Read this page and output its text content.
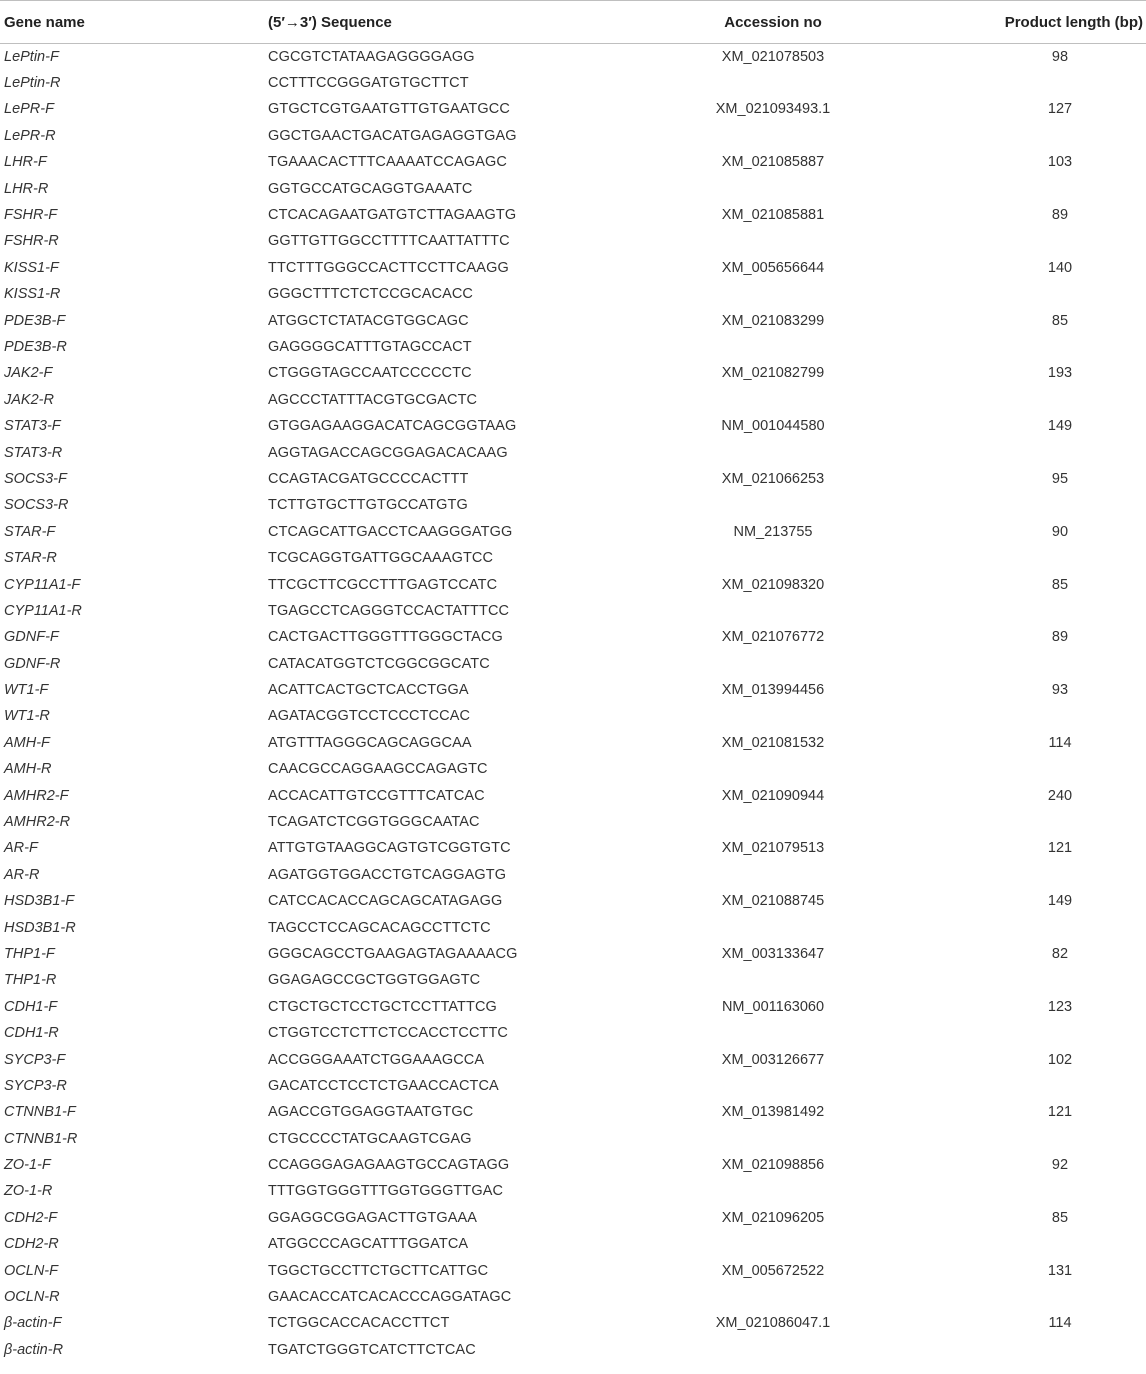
Gene name	(5′→3′) Sequence	Accession no	Product length (bp)
LePtin-F	CGCGTCTATAAGAGGGGAGG	XM_021078503	98
LePtin-R	CCTTTCCGGGATGTGCTTCT		
LePR-F	GTGCTCGTGAATGTTGTGAATGCC	XM_021093493.1	127
LePR-R	GGCTGAACTGACATGAGAGGTGAG		
LHR-F	TGAAACACTTTCAAAATCCAGAGC	XM_021085887	103
LHR-R	GGTGCCATGCAGGTGAAATC		
FSHR-F	CTCACAGAATGATGTCTTAGAAGTG	XM_021085881	89
FSHR-R	GGTTGTTGGCCTTTTCAATTATTTC		
KISS1-F	TTCTTTGGGCCACTTCCTTCAAGG	XM_005656644	140
KISS1-R	GGGCTTTCTCTCCGCACACC		
PDE3B-F	ATGGCTCTATACGTGGCAGC	XM_021083299	85
PDE3B-R	GAGGGGCATTTGTAGCCACT		
JAK2-F	CTGGGTAGCCAATCCCCCTC	XM_021082799	193
JAK2-R	AGCCCTATTTACGTGCGACTC		
STAT3-F	GTGGAGAAGGACATCAGCGGTAAG	NM_001044580	149
STAT3-R	AGGTAGACCAGCGGAGACACAAG		
SOCS3-F	CCAGTACGATGCCCCACTTT	XM_021066253	95
SOCS3-R	TCTTGTGCTTGTGCCATGTG		
STAR-F	CTCAGCATTGACCTCAAGGGATGG	NM_213755	90
STAR-R	TCGCAGGTGATTGGCAAAGTCC		
CYP11A1-F	TTCGCTTCGCCTTTGAGTCCATC	XM_021098320	85
CYP11A1-R	TGAGCCTCAGGGTCCACTATTTCC		
GDNF-F	CACTGACTTGGGTTTGGGCTACG	XM_021076772	89
GDNF-R	CATACATGGTCTCGGCGGCATC		
WT1-F	ACATTCACTGCTCACCTGGA	XM_013994456	93
WT1-R	AGATACGGTCCTCCCTCCAC		
AMH-F	ATGTTTAGGGCAGCAGGCAA	XM_021081532	114
AMH-R	CAACGCCAGGAAGCCAGAGTC		
AMHR2-F	ACCACATTGTCCGTTTCATCAC	XM_021090944	240
AMHR2-R	TCAGATCTCGGTGGGCAATAC		
AR-F	ATTGTGTAAGGCAGTGTCGGTGTC	XM_021079513	121
AR-R	AGATGGTGGACCTGTCAGGAGTG		
HSD3B1-F	CATCCACACCAGCAGCATAGAGG	XM_021088745	149
HSD3B1-R	TAGCCTCCAGCACAGCCTTCTC		
THP1-F	GGGCAGCCTGAAGAGTAGAAAACG	XM_003133647	82
THP1-R	GGAGAGCCGCTGGTGGAGTC		
CDH1-F	CTGCTGCTCCTGCTCCTTATTCG	NM_001163060	123
CDH1-R	CTGGTCCTCTTCTCCACCTCCTTC		
SYCP3-F	ACCGGGAAATCTGGAAAGCCA	XM_003126677	102
SYCP3-R	GACATCCTCCTCTGAACCACTCA		
CTNNB1-F	AGACCGTGGAGGTAATGTGC	XM_013981492	121
CTNNB1-R	CTGCCCCTATGCAAGTCGAG		
ZO-1-F	CCAGGGAGAGAAGTGCCAGTAGG	XM_021098856	92
ZO-1-R	TTTGGTGGGTTTGGTGGGTTGAC		
CDH2-F	GGAGGCGGAGACTTGTGAAA	XM_021096205	85
CDH2-R	ATGGCCCAGCATTTGGATCA		
OCLN-F	TGGCTGCCTTCTGCTTCATTGC	XM_005672522	131
OCLN-R	GAACACCATCACACCCAGGATAGC		
β-actin-F	TCTGGCACCACACCTTCT	XM_021086047.1	114
β-actin-R	TGATCTGGGTCATCTTCTCAC		
